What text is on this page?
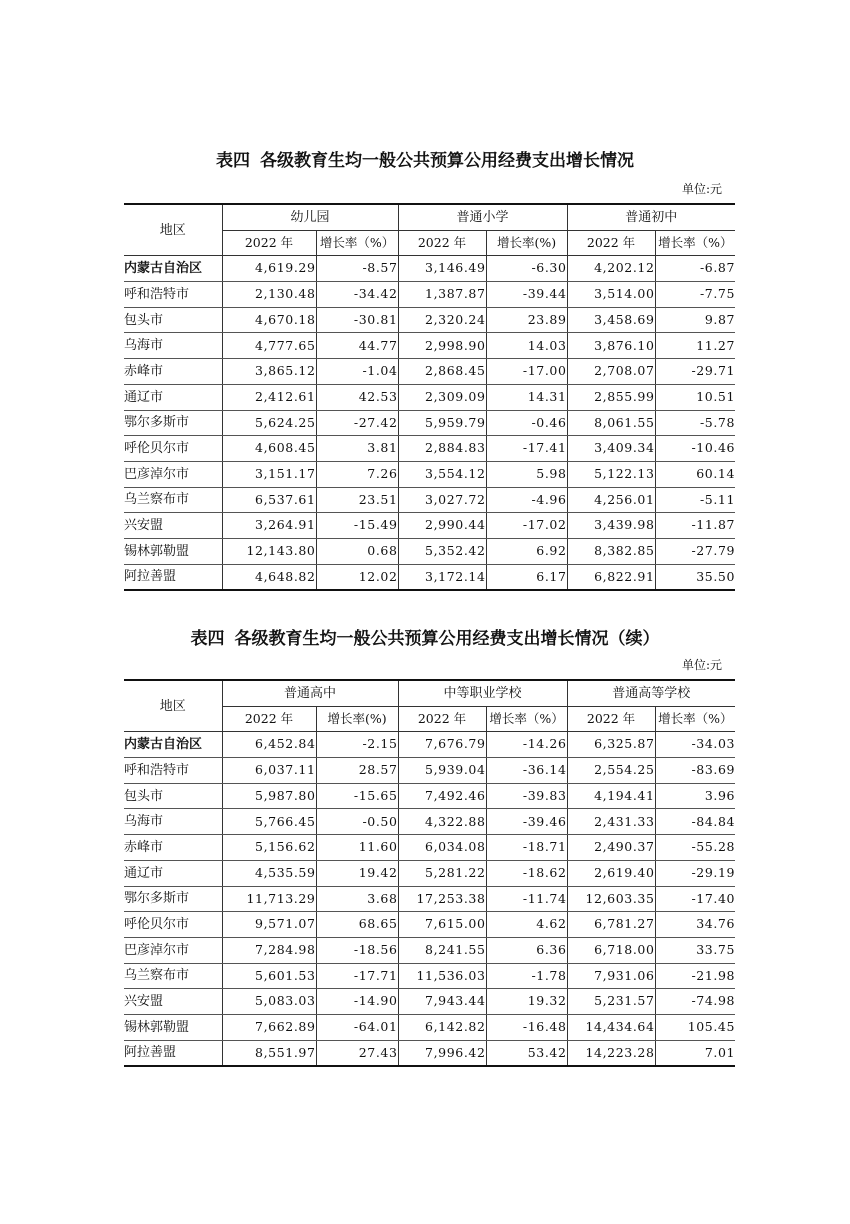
表四 各级教育生均一般公共预算公用经费支出增长情况
单位:元
地区	幼儿园		普通小学		普通初中	
	2022 年	增长率（%）	2022 年	增长率(%)	2022 年	增长率（%）
内蒙古自治区	4,619.29	-8.57	3,146.49	-6.30	4,202.12	-6.87
呼和浩特市	2,130.48	-34.42	1,387.87	-39.44	3,514.00	-7.75
包头市	4,670.18	-30.81	2,320.24	23.89	3,458.69	9.87
乌海市	4,777.65	44.77	2,998.90	14.03	3,876.10	11.27
赤峰市	3,865.12	-1.04	2,868.45	-17.00	2,708.07	-29.71
通辽市	2,412.61	42.53	2,309.09	14.31	2,855.99	10.51
鄂尔多斯市	5,624.25	-27.42	5,959.79	-0.46	8,061.55	-5.78
呼伦贝尔市	4,608.45	3.81	2,884.83	-17.41	3,409.34	-10.46
巴彦淖尔市	3,151.17	7.26	3,554.12	5.98	5,122.13	60.14
乌兰察布市	6,537.61	23.51	3,027.72	-4.96	4,256.01	-5.11
兴安盟	3,264.91	-15.49	2,990.44	-17.02	3,439.98	-11.87
锡林郭勒盟	12,143.80	0.68	5,352.42	6.92	8,382.85	-27.79
阿拉善盟	4,648.82	12.02	3,172.14	6.17	6,822.91	35.50
表四 各级教育生均一般公共预算公用经费支出增长情况（续）
单位:元
地区	普通高中		中等职业学校		普通高等学校	
	2022 年	增长率(%)	2022 年	增长率（%）	2022 年	增长率（%）
内蒙古自治区	6,452.84	-2.15	7,676.79	-14.26	6,325.87	-34.03
呼和浩特市	6,037.11	28.57	5,939.04	-36.14	2,554.25	-83.69
包头市	5,987.80	-15.65	7,492.46	-39.83	4,194.41	3.96
乌海市	5,766.45	-0.50	4,322.88	-39.46	2,431.33	-84.84
赤峰市	5,156.62	11.60	6,034.08	-18.71	2,490.37	-55.28
通辽市	4,535.59	19.42	5,281.22	-18.62	2,619.40	-29.19
鄂尔多斯市	11,713.29	3.68	17,253.38	-11.74	12,603.35	-17.40
呼伦贝尔市	9,571.07	68.65	7,615.00	4.62	6,781.27	34.76
巴彦淖尔市	7,284.98	-18.56	8,241.55	6.36	6,718.00	33.75
乌兰察布市	5,601.53	-17.71	11,536.03	-1.78	7,931.06	-21.98
兴安盟	5,083.03	-14.90	7,943.44	19.32	5,231.57	-74.98
锡林郭勒盟	7,662.89	-64.01	6,142.82	-16.48	14,434.64	105.45
阿拉善盟	8,551.97	27.43	7,996.42	53.42	14,223.28	7.01
